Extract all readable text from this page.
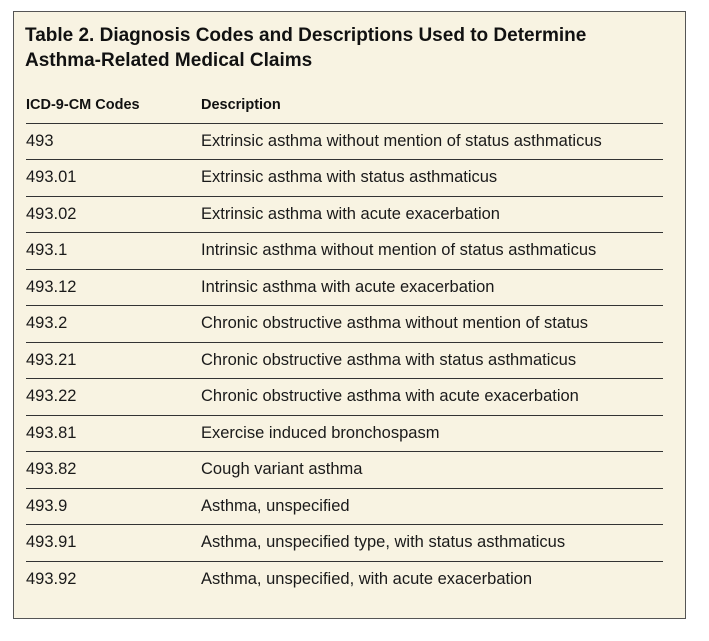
Table 2. Diagnosis Codes and Descriptions Used to Determine Asthma-Related Medical Claims
ICD-9-CM Codes	Description
493	Extrinsic asthma without mention of status asthmaticus
493.01	Extrinsic asthma with status asthmaticus
493.02	Extrinsic asthma with acute exacerbation
493.1	Intrinsic asthma without mention of status asthmaticus
493.12	Intrinsic asthma with acute exacerbation
493.2	Chronic obstructive asthma without mention of status
493.21	Chronic obstructive asthma with status asthmaticus
493.22	Chronic obstructive asthma with acute exacerbation
493.81	Exercise induced bronchospasm
493.82	Cough variant asthma
493.9	Asthma, unspecified
493.91	Asthma, unspecified type, with status asthmaticus
493.92	Asthma, unspecified, with acute exacerbation
